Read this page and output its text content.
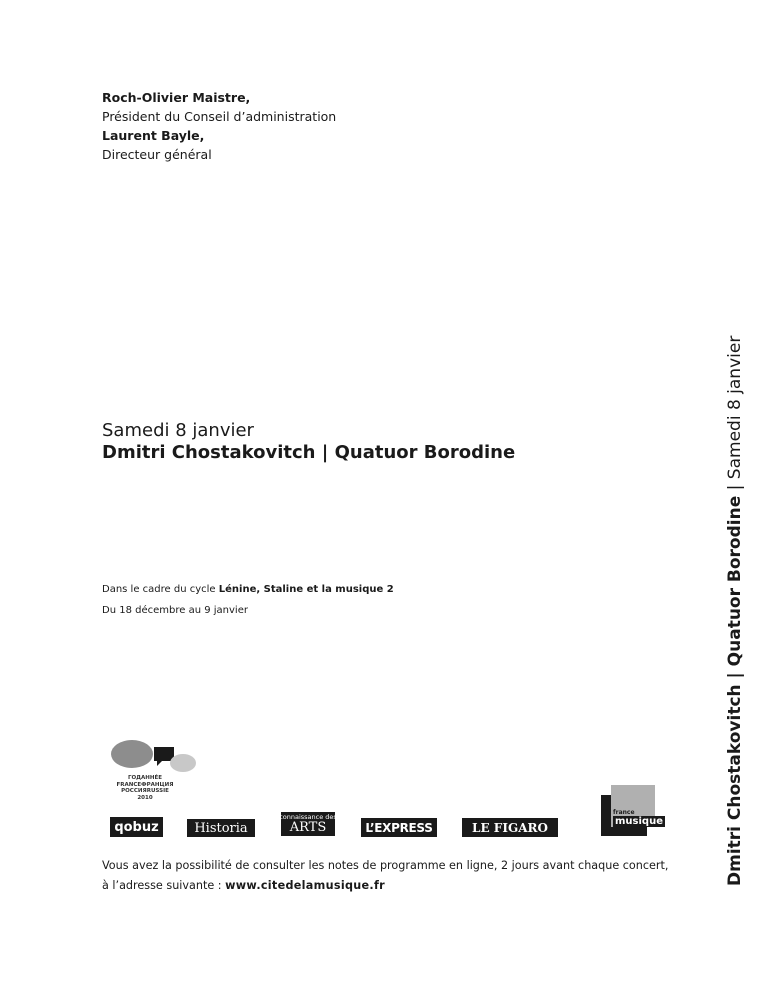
Roch-Olivier Maistre,
Président du Conseil d’administration
Laurent Bayle,
Directeur général
Samedi 8 janvier
Dmitri Chostakovitch | Quatuor Borodine
Dans le cadre du cycle Lénine, Staline et la musique 2
Du 18 décembre au 9 janvier	Dmitri Chostakovitch | Quatuor Borodine | Samedi 8 janvier
ГОДАННÉE
FRANCEФРАНЦИЯ
РОССИЯRUSSIE
2010
qobuz	Historia
connaissance des
ARTS	L’EXPRESS	LE FIGARO
france
musique
Vous avez la possibilité de consulter les notes de programme en ligne, 2 jours avant chaque concert,
à l’adresse suivante : www.citedelamusique.fr
